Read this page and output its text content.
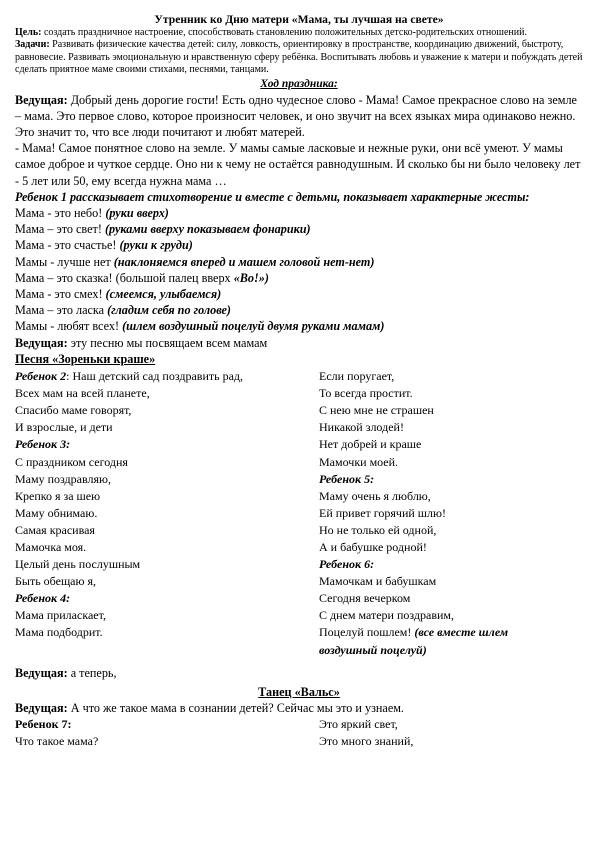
Утренник ко Дню матери «Мама, ты лучшая на свете»
Цель: создать праздничное настроение, способствовать становлению положительных детско-родительских отношений.
Задачи: Развивать физические качества детей: силу, ловкость, ориентировку в пространстве, координацию движений, быстроту, равновесие. Развивать эмоциональную и нравственную сферу ребёнка. Воспитывать любовь и уважение к матери и побуждать детей сделать приятное маме своими стихами, песнями, танцами.
Ход праздника:

Ведущая: Добрый день дорогие гости! Есть одно чудесное слово - Мама! Самое прекрасное слово на земле – мама. Это первое слово, которое произносит человек, и оно звучит на всех языках мира одинаково нежно. Это значит то, что все люди почитают и любят матерей.

- Мама! Самое понятное слово на земле. У мамы самые ласковые и нежные руки, они всё умеют. У мамы самое доброе и чуткое сердце. Оно ни к чему не остаётся равнодушным. И сколько бы ни было человеку лет - 5 лет или 50, ему всегда нужна мама …

Ребенок 1 рассказывает стихотворение и вместе с детьми, показывает характерные жесты:

Мама - это небо! (руки вверх)

Мама – это свет! (руками вверху показываем фонарики)

Мама - это счастье! (руки к груди)

Мамы - лучше нет (наклоняемся вперед и машем головой нет-нет)

Мама – это сказка! (большой палец вверх «Во!»)

Мама - это смех! (смеемся, улыбаемся)

Мама – это ласка (гладим себя по голове)

Мамы - любят всех! (шлем воздушный поцелуй двумя руками мамам)

Ведущая: эту песню мы посвящаем всем мамам

Песня «Зореньки краше»

Ребенок 2: Наш детский сад поздравить рад,

Всех мам на всей планете,

Спасибо маме говорят,

И взрослые, и дети

Ребенок 3:

С праздником сегодня

Маму поздравляю,

Крепко я за шею

Маму обнимаю.

Самая красивая

Мамочка моя.

Целый день послушным

Быть обещаю я,

Ребенок 4:

Мама приласкает,

Мама подбодрит.

Если поругает,

То всегда простит.

С нею мне не страшен

Никакой злодей!

Нет добрей и краше

Мамочки моей.

Ребенок 5:

Маму очень я люблю,

Ей привет горячий шлю!

Но не только ей одной,

А и бабушке родной!

Ребенок 6:

Мамочкам и бабушкам

Сегодня вечерком

С днем матери поздравим,

Поцелуй пошлем! (все вместе шлем

воздушный поцелуй)

Ведущая: а теперь,

Танец «Вальс»

Ведущая: А что же такое мама в сознании детей? Сейчас мы это и узнаем.

Ребенок 7:

Что такое мама?

Это яркий свет,

Это много знаний,
